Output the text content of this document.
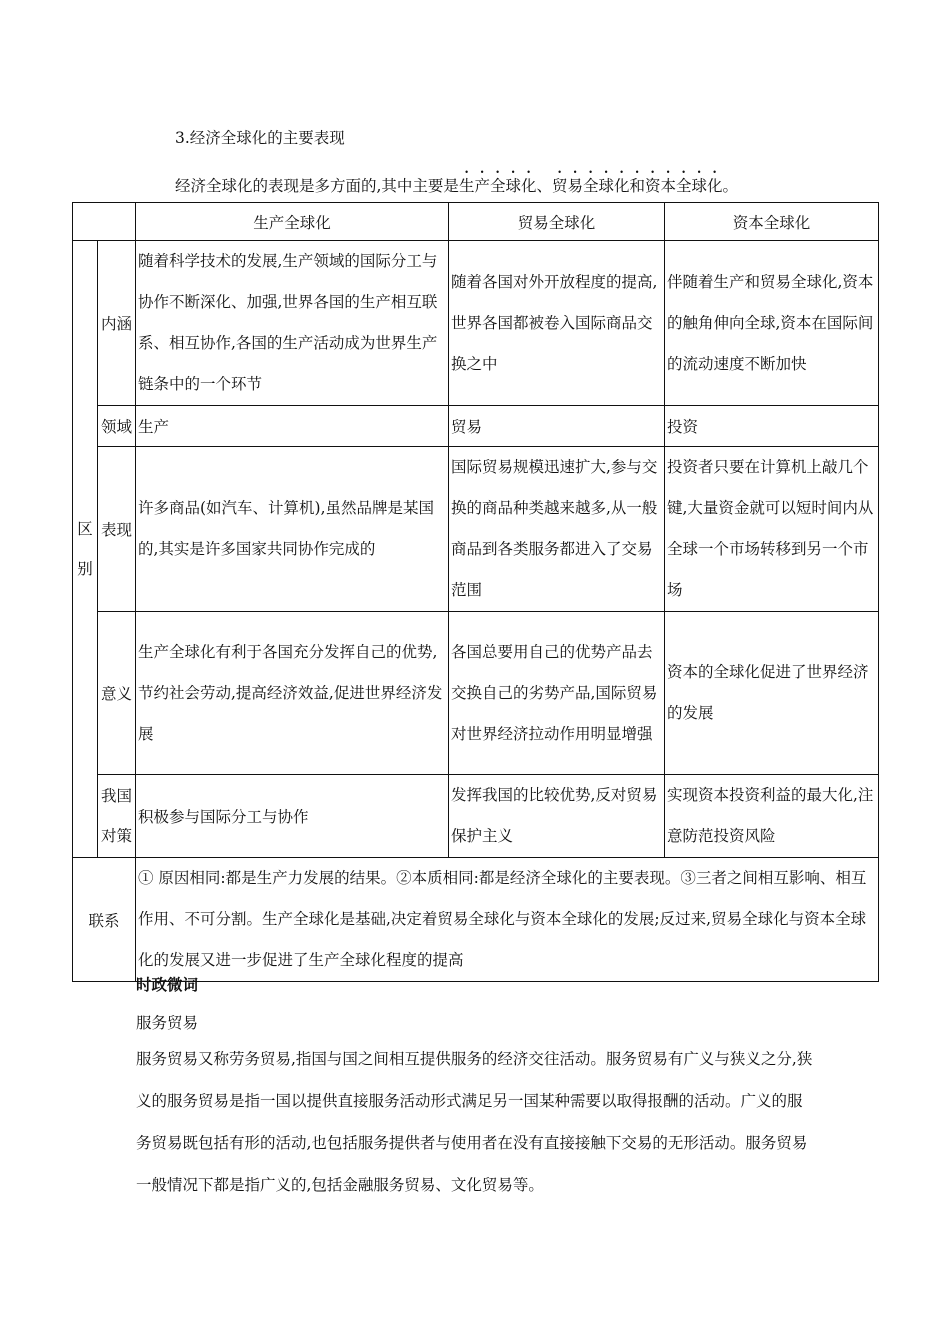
3.经济全球化的主要表现
经济全球化的表现是多方面的,其中主要是生产全球化、贸易全球化和资本全球化。
		生产全球化	贸易全球化	资本全球化
区别	内涵	随着科学技术的发展,生产领域的国际分工与协作不断深化、加强,世界各国的生产相互联系、相互协作,各国的生产活动成为世界生产链条中的一个环节	随着各国对外开放程度的提高,世界各国都被卷入国际商品交换之中	伴随着生产和贸易全球化,资本的触角伸向全球,资本在国际间的流动速度不断加快
	领域	生产	贸易	投资
	表现	许多商品(如汽车、计算机),虽然品牌是某国的,其实是许多国家共同协作完成的	国际贸易规模迅速扩大,参与交换的商品种类越来越多,从一般商品到各类服务都进入了交易范围	投资者只要在计算机上敲几个键,大量资金就可以短时间内从全球一个市场转移到另一个市场
	意义	生产全球化有利于各国充分发挥自己的优势,节约社会劳动,提高经济效益,促进世界经济发展	各国总要用自己的优势产品去交换自己的劣势产品,国际贸易对世界经济拉动作用明显增强	资本的全球化促进了世界经济的发展
	我国对策	积极参与国际分工与协作	发挥我国的比较优势,反对贸易保护主义	实现资本投资利益的最大化,注意防范投资风险
联系		① 原因相同:都是生产力发展的结果。②本质相同:都是经济全球化的主要表现。③三者之间相互影响、相互作用、不可分割。生产全球化是基础,决定着贸易全球化与资本全球化的发展;反过来,贸易全球化与资本全球化的发展又进一步促进了生产全球化程度的提高		
时政微词
服务贸易
服务贸易又称劳务贸易,指国与国之间相互提供服务的经济交往活动。服务贸易有广义与狭义之分,狭义的服务贸易是指一国以提供直接服务活动形式满足另一国某种需要以取得报酬的活动。广义的服务贸易既包括有形的活动,也包括服务提供者与使用者在没有直接接触下交易的无形活动。服务贸易一般情况下都是指广义的,包括金融服务贸易、文化贸易等。
